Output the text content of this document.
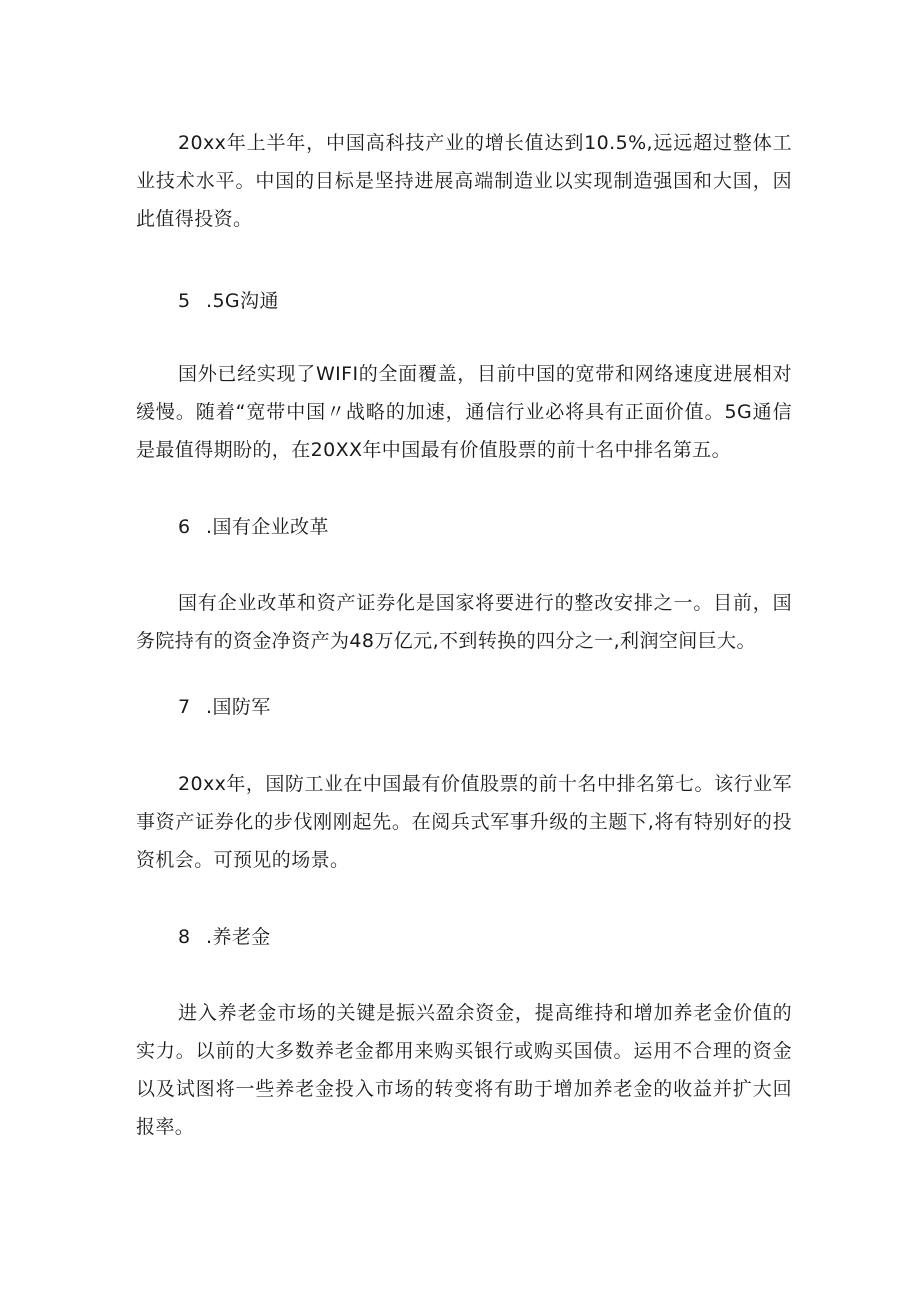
20xx年上半年，中国高科技产业的增长值达到10.5%,远远超过整体工业技术水平。中国的目标是坚持进展高端制造业以实现制造强国和大国，因此值得投资。

5 .5G沟通

国外已经实现了WIFI的全面覆盖，目前中国的宽带和网络速度进展相对缓慢。随着“宽带中国〃战略的加速，通信行业必将具有正面价值。5G通信是最值得期盼的，在20XX年中国最有价值股票的前十名中排名第五。

6 .国有企业改革

国有企业改革和资产证券化是国家将要进行的整改安排之一。目前，国务院持有的资金净资产为48万亿元,不到转换的四分之一,利润空间巨大。

7 .国防军

20xx年，国防工业在中国最有价值股票的前十名中排名第七。该行业军事资产证券化的步伐刚刚起先。在阅兵式军事升级的主题下,将有特别好的投资机会。可预见的场景。

8 .养老金

进入养老金市场的关键是振兴盈余资金，提高维持和增加养老金价值的实力。以前的大多数养老金都用来购买银行或购买国债。运用不合理的资金以及试图将一些养老金投入市场的转变将有助于增加养老金的收益并扩大回报率。
